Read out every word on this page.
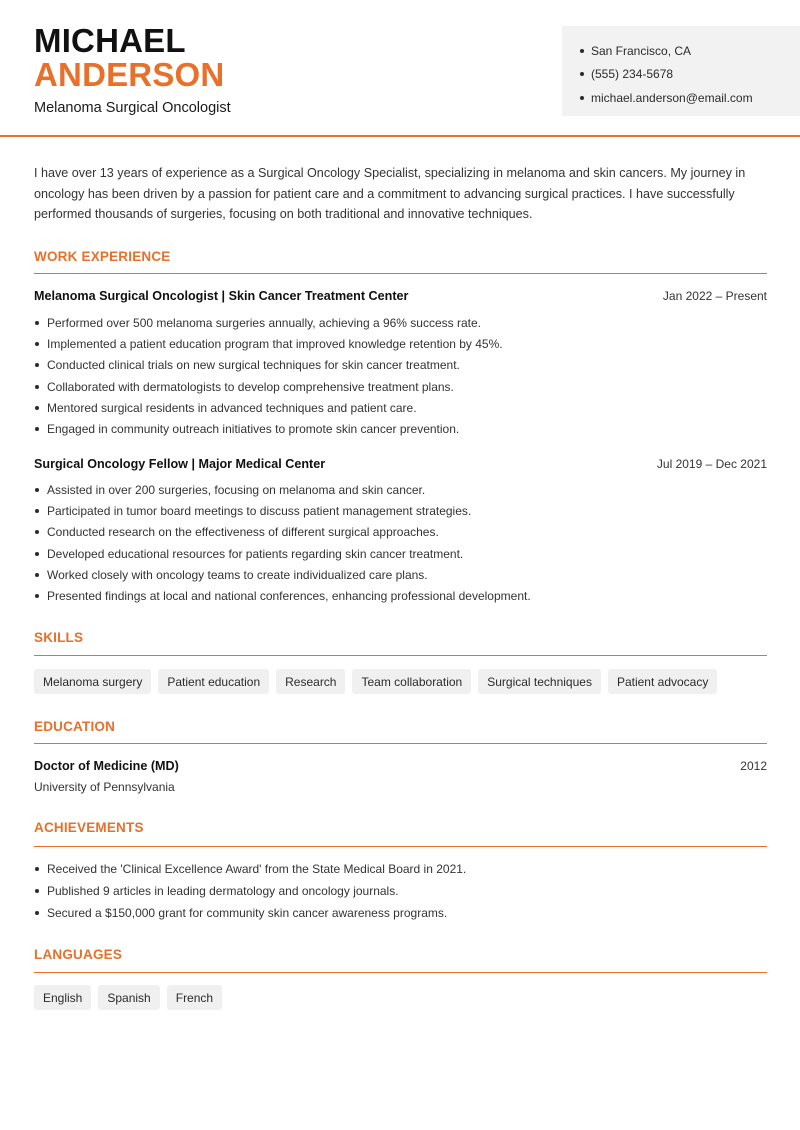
MICHAEL
ANDERSON
Melanoma Surgical Oncologist
San Francisco, CA
(555) 234-5678
michael.anderson@email.com

I have over 13 years of experience as a Surgical Oncology Specialist, specializing in melanoma and skin cancers. My journey in oncology has been driven by a passion for patient care and a commitment to advancing surgical practices. I have successfully performed thousands of surgeries, focusing on both traditional and innovative techniques.

WORK EXPERIENCE
Melanoma Surgical Oncologist | Skin Cancer Treatment Center	Jan 2022 – Present
Performed over 500 melanoma surgeries annually, achieving a 96% success rate.
Implemented a patient education program that improved knowledge retention by 45%.
Conducted clinical trials on new surgical techniques for skin cancer treatment.
Collaborated with dermatologists to develop comprehensive treatment plans.
Mentored surgical residents in advanced techniques and patient care.
Engaged in community outreach initiatives to promote skin cancer prevention.
Surgical Oncology Fellow | Major Medical Center	Jul 2019 – Dec 2021
Assisted in over 200 surgeries, focusing on melanoma and skin cancer.
Participated in tumor board meetings to discuss patient management strategies.
Conducted research on the effectiveness of different surgical approaches.
Developed educational resources for patients regarding skin cancer treatment.
Worked closely with oncology teams to create individualized care plans.
Presented findings at local and national conferences, enhancing professional development.
SKILLS
Melanoma surgery	Patient education	Research	Team collaboration	Surgical techniques	Patient advocacy
EDUCATION
Doctor of Medicine (MD)	2012
University of Pennsylvania
ACHIEVEMENTS
Received the 'Clinical Excellence Award' from the State Medical Board in 2021.
Published 9 articles in leading dermatology and oncology journals.
Secured a $150,000 grant for community skin cancer awareness programs.
LANGUAGES
English	Spanish	French
